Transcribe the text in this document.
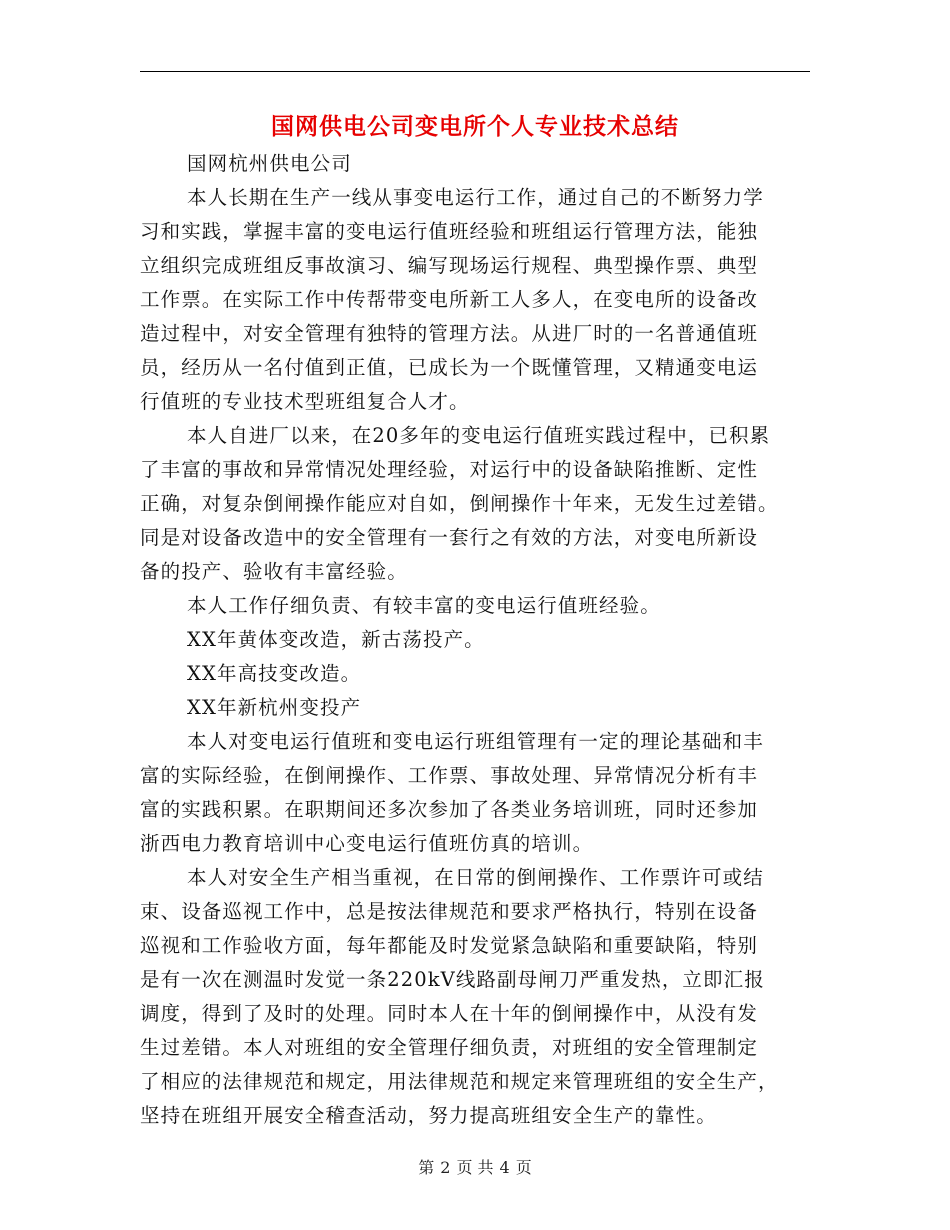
国网供电公司变电所个人专业技术总结
国网杭州供电公司
本人长期在生产一线从事变电运行工作，通过自己的不断努力学
习和实践，掌握丰富的变电运行值班经验和班组运行管理方法，能独
立组织完成班组反事故演习、编写现场运行规程、典型操作票、典型
工作票。在实际工作中传帮带变电所新工人多人，在变电所的设备改
造过程中，对安全管理有独特的管理方法。从进厂时的一名普通值班
员，经历从一名付值到正值，已成长为一个既懂管理，又精通变电运
行值班的专业技术型班组复合人才。
本人自进厂以来，在20多年的变电运行值班实践过程中，已积累
了丰富的事故和异常情况处理经验，对运行中的设备缺陷推断、定性
正确，对复杂倒闸操作能应对自如，倒闸操作十年来，无发生过差错。
同是对设备改造中的安全管理有一套行之有效的方法，对变电所新设
备的投产、验收有丰富经验。
本人工作仔细负责、有较丰富的变电运行值班经验。
XX年黄体变改造，新古荡投产。
XX年高技变改造。
XX年新杭州变投产
本人对变电运行值班和变电运行班组管理有一定的理论基础和丰
富的实际经验，在倒闸操作、工作票、事故处理、异常情况分析有丰
富的实践积累。在职期间还多次参加了各类业务培训班，同时还参加
浙西电力教育培训中心变电运行值班仿真的培训。
本人对安全生产相当重视，在日常的倒闸操作、工作票许可或结
束、设备巡视工作中，总是按法律规范和要求严格执行，特别在设备
巡视和工作验收方面，每年都能及时发觉紧急缺陷和重要缺陷，特别
是有一次在测温时发觉一条220kV线路副母闸刀严重发热，立即汇报
调度，得到了及时的处理。同时本人在十年的倒闸操作中，从没有发
生过差错。本人对班组的安全管理仔细负责，对班组的安全管理制定
了相应的法律规范和规定，用法律规范和规定来管理班组的安全生产，
坚持在班组开展安全稽查活动，努力提高班组安全生产的靠性。
第 2 页 共 4 页
